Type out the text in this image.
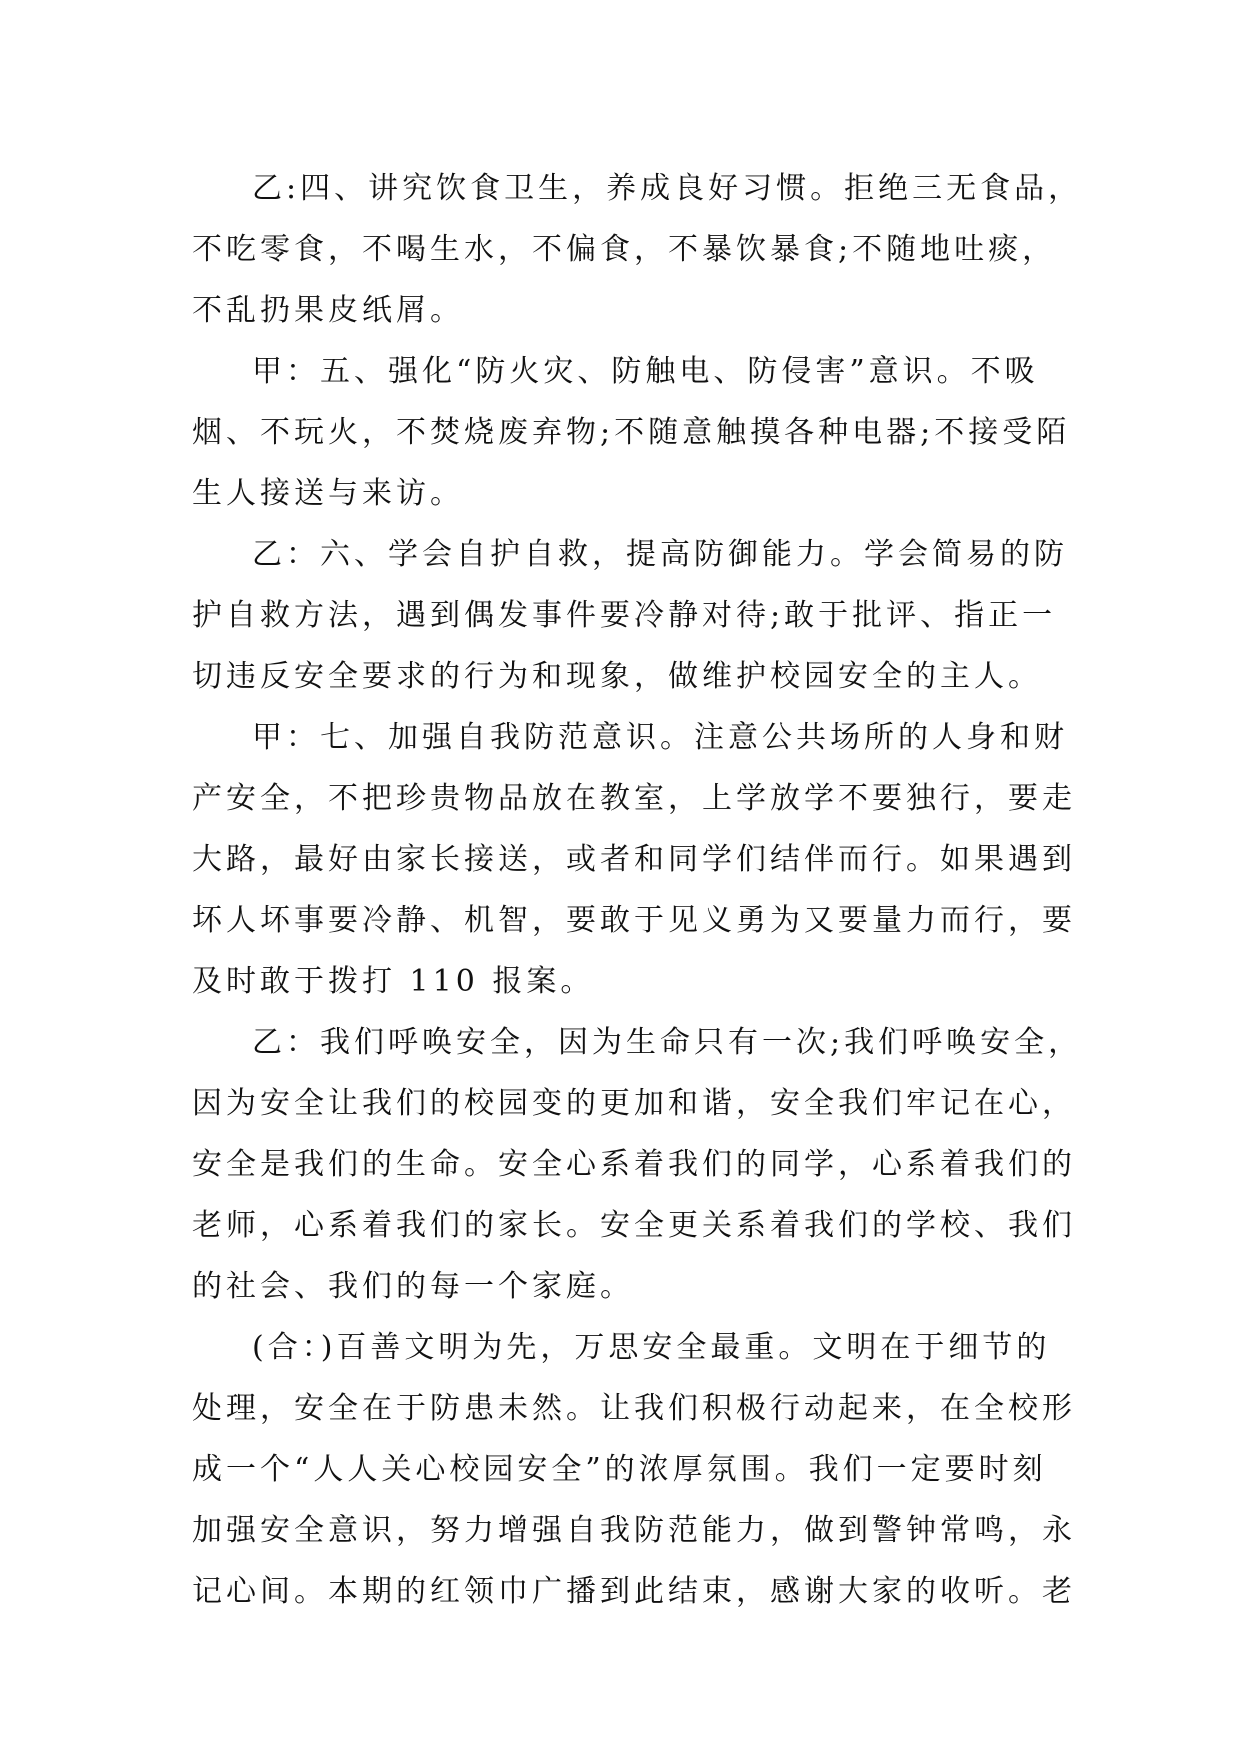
乙:四、讲究饮食卫生，养成良好习惯。拒绝三无食品，
不吃零食，不喝生水，不偏食，不暴饮暴食;不随地吐痰，
不乱扔果皮纸屑。

甲：五、强化“防火灾、防触电、防侵害”意识。不吸
烟、不玩火，不焚烧废弃物;不随意触摸各种电器;不接受陌
生人接送与来访。

乙：六、学会自护自救，提高防御能力。学会简易的防
护自救方法，遇到偶发事件要冷静对待;敢于批评、指正一
切违反安全要求的行为和现象，做维护校园安全的主人。

甲：七、加强自我防范意识。注意公共场所的人身和财
产安全，不把珍贵物品放在教室，上学放学不要独行，要走
大路，最好由家长接送，或者和同学们结伴而行。如果遇到
坏人坏事要冷静、机智，要敢于见义勇为又要量力而行，要
及时敢于拨打 110 报案。

乙：我们呼唤安全，因为生命只有一次;我们呼唤安全，
因为安全让我们的校园变的更加和谐，安全我们牢记在心，
安全是我们的生命。安全心系着我们的同学，心系着我们的
老师，心系着我们的家长。安全更关系着我们的学校、我们
的社会、我们的每一个家庭。

(合：)百善文明为先，万思安全最重。文明在于细节的
处理，安全在于防患未然。让我们积极行动起来，在全校形
成一个“人人关心校园安全”的浓厚氛围。我们一定要时刻
加强安全意识，努力增强自我防范能力，做到警钟常鸣，永
记心间。本期的红领巾广播到此结束，感谢大家的收听。老
